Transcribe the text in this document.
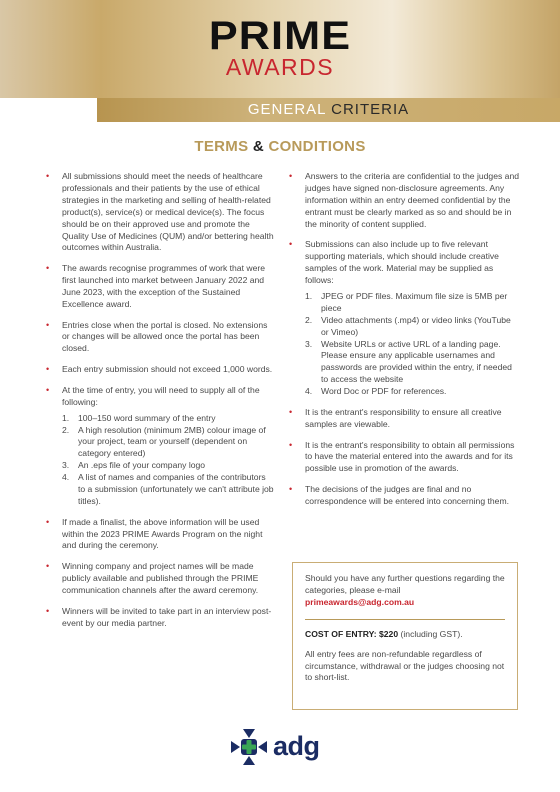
PRIME
AWARDS
GENERAL CRITERIA
TERMS & CONDITIONS
• All submissions should meet the needs of healthcare professionals and their patients by the use of ethical strategies in the marketing and selling of health-related product(s), service(s) or medical device(s). The focus should be on their approved use and promote the Quality Use of Medicines (QUM) and/or bettering health outcomes within Australia.
• The awards recognise programmes of work that were first launched into market between January 2022 and June 2023, with the exception of the Sustained Excellence award.
• Entries close when the portal is closed. No extensions or changes will be allowed once the portal has been closed.
• Each entry submission should not exceed 1,000 words.
• At the time of entry, you will need to supply all of the following:
1. 100–150 word summary of the entry
2. A high resolution (minimum 2MB) colour image of your project, team or yourself (dependent on category entered)
3. An .eps file of your company logo
4. A list of names and companies of the contributors to a submission (unfortunately we can't attribute job titles).
• If made a finalist, the above information will be used within the 2023 PRIME Awards Program on the night and during the ceremony.
• Winning company and project names will be made publicly available and published through the PRIME communication channels after the award ceremony.
• Winners will be invited to take part in an interview post-event by our media partner.
• Answers to the criteria are confidential to the judges and judges have signed non-disclosure agreements. Any information within an entry deemed confidential by the entrant must be clearly marked as so and should be in the minority of content supplied.
• Submissions can also include up to five relevant supporting materials, which should include creative samples of the work. Material may be supplied as follows:
1. JPEG or PDF files. Maximum file size is 5MB per piece
2. Video attachments (.mp4) or video links (YouTube or Vimeo)
3. Website URLs or active URL of a landing page. Please ensure any applicable usernames and passwords are provided within the entry, if needed to access the website
4. Word Doc or PDF for references.
• It is the entrant's responsibility to ensure all creative samples are viewable.
• It is the entrant's responsibility to obtain all permissions to have the material entered into the awards and for its possible use in promotion of the awards.
• The decisions of the judges are final and no correspondence will be entered into concerning them.
Should you have any further questions regarding the categories, please e-mail
primeawards@adg.com.au
COST OF ENTRY: $220 (including GST).
All entry fees are non-refundable regardless of circumstance, withdrawal or the judges choosing not to short-list.
adg
